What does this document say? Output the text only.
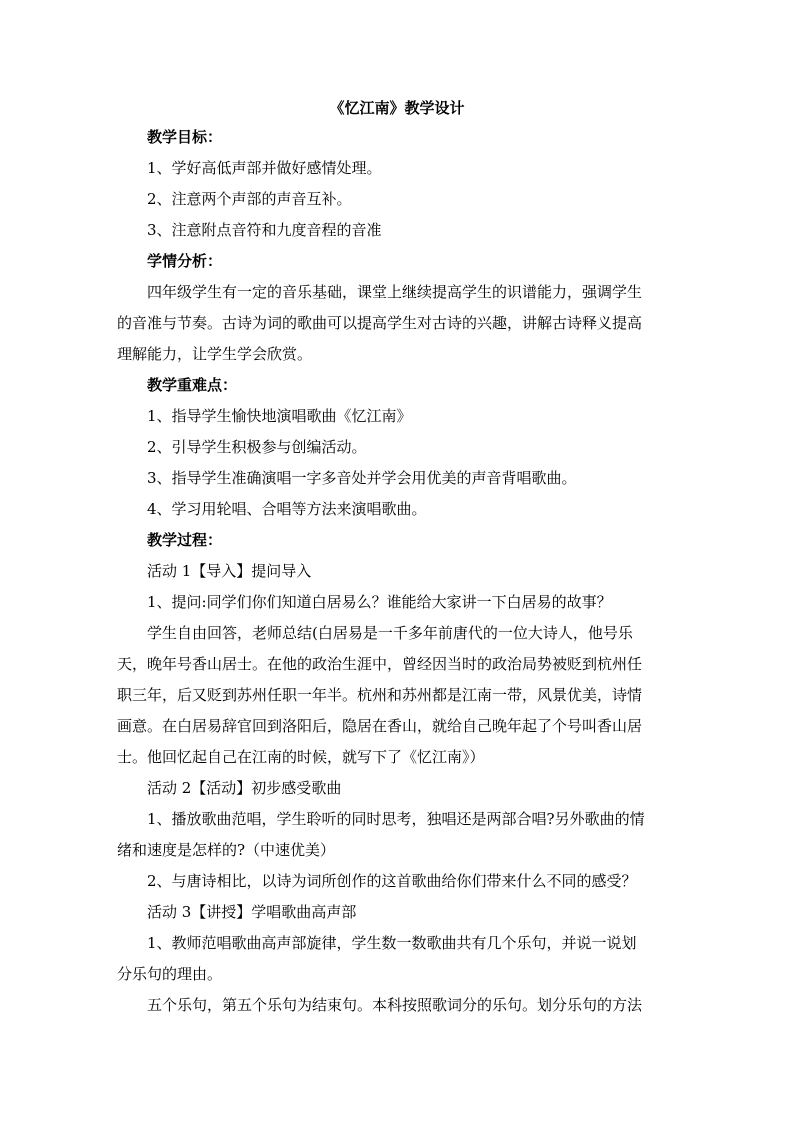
《忆江南》教学设计

教学目标：

1、学好高低声部并做好感情处理。

2、注意两个声部的声音互补。

3、注意附点音符和九度音程的音准

学情分析：

四年级学生有一定的音乐基础，课堂上继续提高学生的识谱能力，强调学生

的音准与节奏。古诗为词的歌曲可以提高学生对古诗的兴趣，讲解古诗释义提高

理解能力，让学生学会欣赏。

教学重难点：

1、指导学生愉快地演唱歌曲《忆江南》

2、引导学生积极参与创编活动。

3、指导学生准确演唱一字多音处并学会用优美的声音背唱歌曲。

4、学习用轮唱、合唱等方法来演唱歌曲。

教学过程：

活动 1【导入】提问导入

1、提问:同学们你们知道白居易么？谁能给大家讲一下白居易的故事？

学生自由回答，老师总结(白居易是一千多年前唐代的一位大诗人，他号乐

天，晚年号香山居士。在他的政治生涯中，曾经因当时的政治局势被贬到杭州任

职三年，后又贬到苏州任职一年半。杭州和苏州都是江南一带，风景优美，诗情

画意。在白居易辞官回到洛阳后，隐居在香山，就给自己晚年起了个号叫香山居

士。他回忆起自己在江南的时候，就写下了《忆江南》）

活动 2【活动】初步感受歌曲

1、播放歌曲范唱，学生聆听的同时思考，独唱还是两部合唱?另外歌曲的情

绪和速度是怎样的?（中速优美）

2、与唐诗相比，以诗为词所创作的这首歌曲给你们带来什么不同的感受？

活动 3【讲授】学唱歌曲高声部

1、教师范唱歌曲高声部旋律，学生数一数歌曲共有几个乐句，并说一说划

分乐句的理由。

五个乐句，第五个乐句为结束句。本科按照歌词分的乐句。划分乐句的方法
